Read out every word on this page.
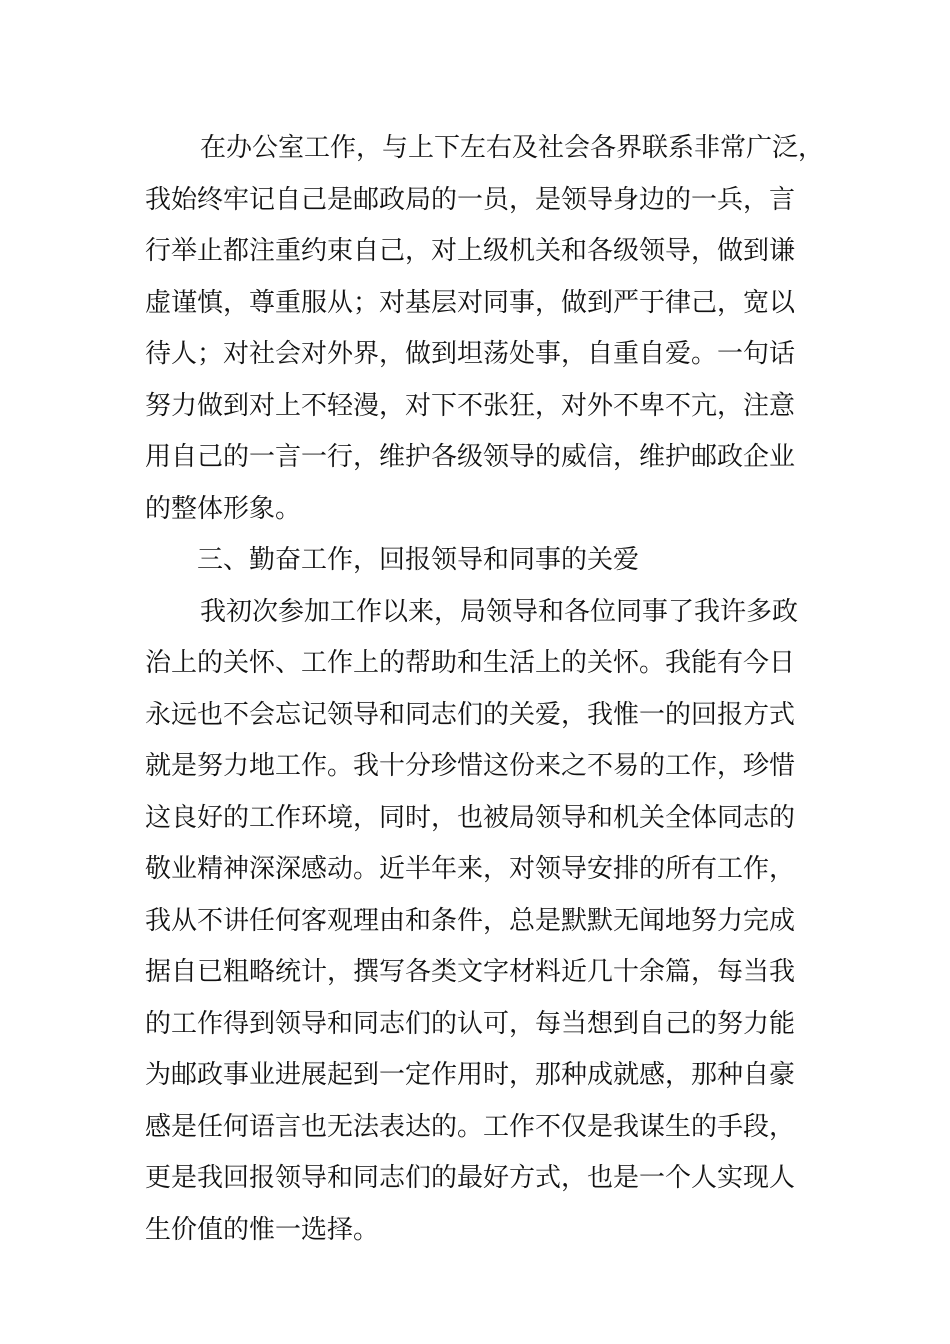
在办公室工作，与上下左右及社会各界联系非常广泛，
我始终牢记自己是邮政局的一员，是领导身边的一兵，言
行举止都注重约束自己，对上级机关和各级领导，做到谦
虚谨慎，尊重服从；对基层对同事，做到严于律己，宽以
待人；对社会对外界，做到坦荡处事，自重自爱。一句话
努力做到对上不轻漫，对下不张狂，对外不卑不亢，注意
用自己的一言一行，维护各级领导的威信，维护邮政企业
的整体形象。
三、勤奋工作，回报领导和同事的关爱
我初次参加工作以来，局领导和各位同事了我许多政
治上的关怀、工作上的帮助和生活上的关怀。我能有今日
永远也不会忘记领导和同志们的关爱，我惟一的回报方式
就是努力地工作。我十分珍惜这份来之不易的工作，珍惜
这良好的工作环境，同时，也被局领导和机关全体同志的
敬业精神深深感动。近半年来，对领导安排的所有工作，
我从不讲任何客观理由和条件，总是默默无闻地努力完成
据自已粗略统计，撰写各类文字材料近几十余篇，每当我
的工作得到领导和同志们的认可，每当想到自己的努力能
为邮政事业进展起到一定作用时，那种成就感，那种自豪
感是任何语言也无法表达的。工作不仅是我谋生的手段，
更是我回报领导和同志们的最好方式，也是一个人实现人
生价值的惟一选择。
